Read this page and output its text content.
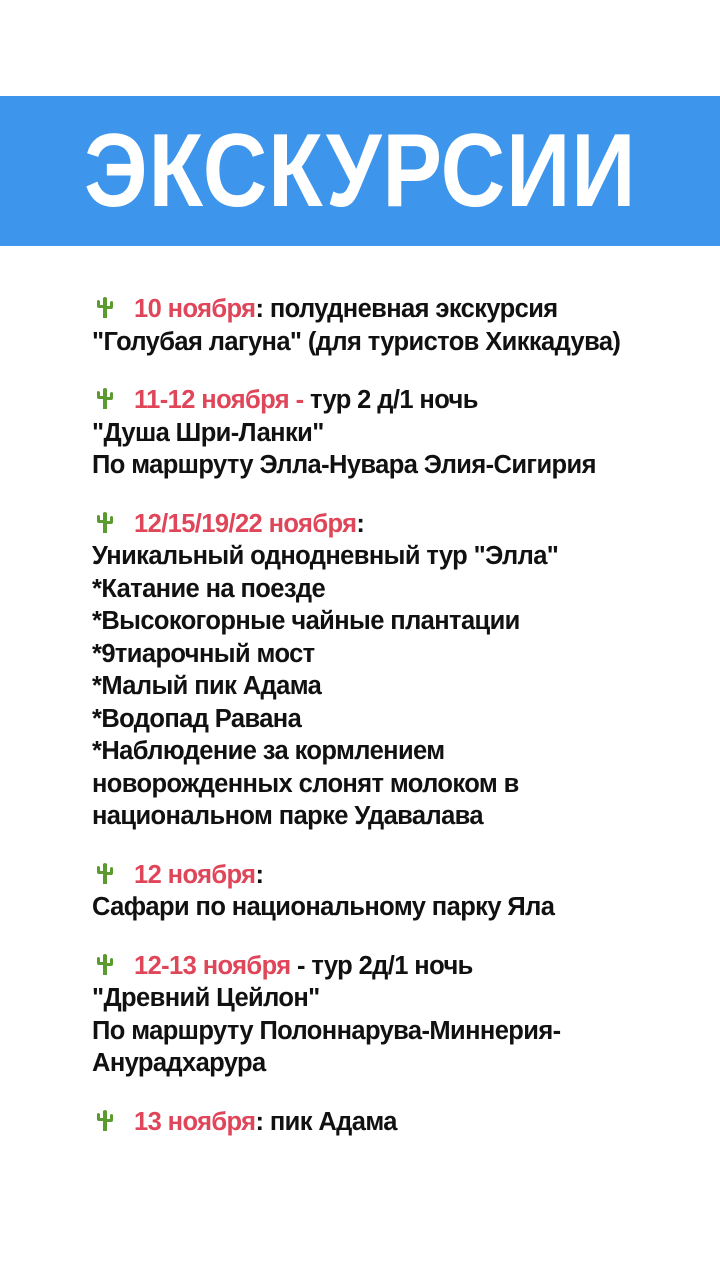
ЭКСКУРСИИ
10 ноября: полудневная экскурсия
"Голубая лагуна" (для туристов Хиккадува)
11-12 ноября - тур 2 д/1 ночь
"Душа Шри-Ланки"
По маршруту Элла-Нувара Элия-Сигирия
12/15/19/22 ноября:
Уникальный однодневный тур "Элла"
*Катание на поезде
*Высокогорные чайные плантации
*9тиарочный мост
*Малый пик Адама
*Водопад Равана
*Наблюдение за кормлением
новорожденных слонят молоком в
национальном парке Удавалава
12 ноября:
Сафари по национальному парку Яла
12-13 ноября - тур 2д/1 ночь
"Древний Цейлон"
По маршруту Полоннарува-Миннерия-
Анурадхарура
13 ноября: пик Адама
